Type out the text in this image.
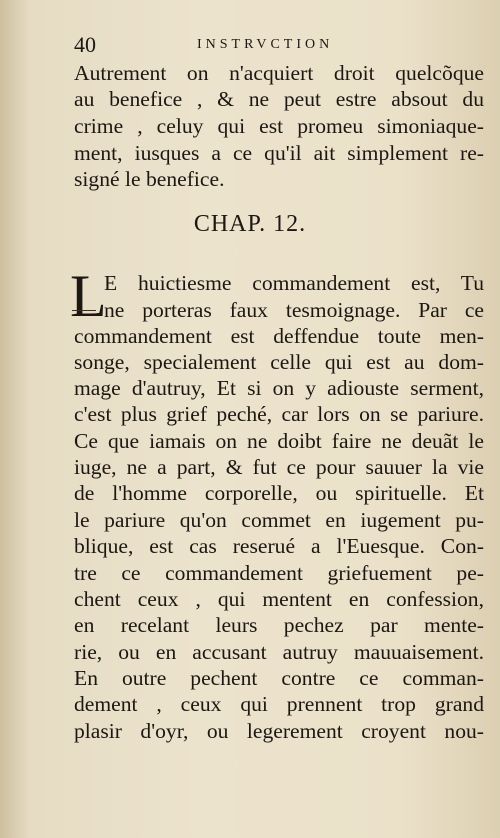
40	INSTRVCTION
Autrement on n'acquiert droit quelcõque
au benefice , & ne peut estre absout du
crime , celuy qui est promeu simoniaque-
ment, iusques a ce qu'il ait simplement re-
signé le benefice.
CHAP. 12.
L
E huictiesme commandement est, Tu
ne porteras faux tesmoignage. Par ce
commandement est deffendue toute men-
songe, specialement celle qui est au dom-
mage d'autruy, Et si on y adiouste serment,
c'est plus grief peché, car lors on se pariure.
Ce que iamais on ne doibt faire ne deuãt le
iuge, ne a part, & fut ce pour sauuer la vie
de l'homme corporelle, ou spirituelle. Et
le pariure qu'on commet en iugement pu-
blique, est cas reserué a l'Euesque. Con-
tre ce commandement griefuement pe-
chent ceux , qui mentent en confession,
en recelant leurs pechez par mente-
rie, ou en accusant autruy mauuaisement.
En outre pechent contre ce comman-
dement , ceux qui prennent trop grand
plasir d'oyr, ou legerement croyent nou-
